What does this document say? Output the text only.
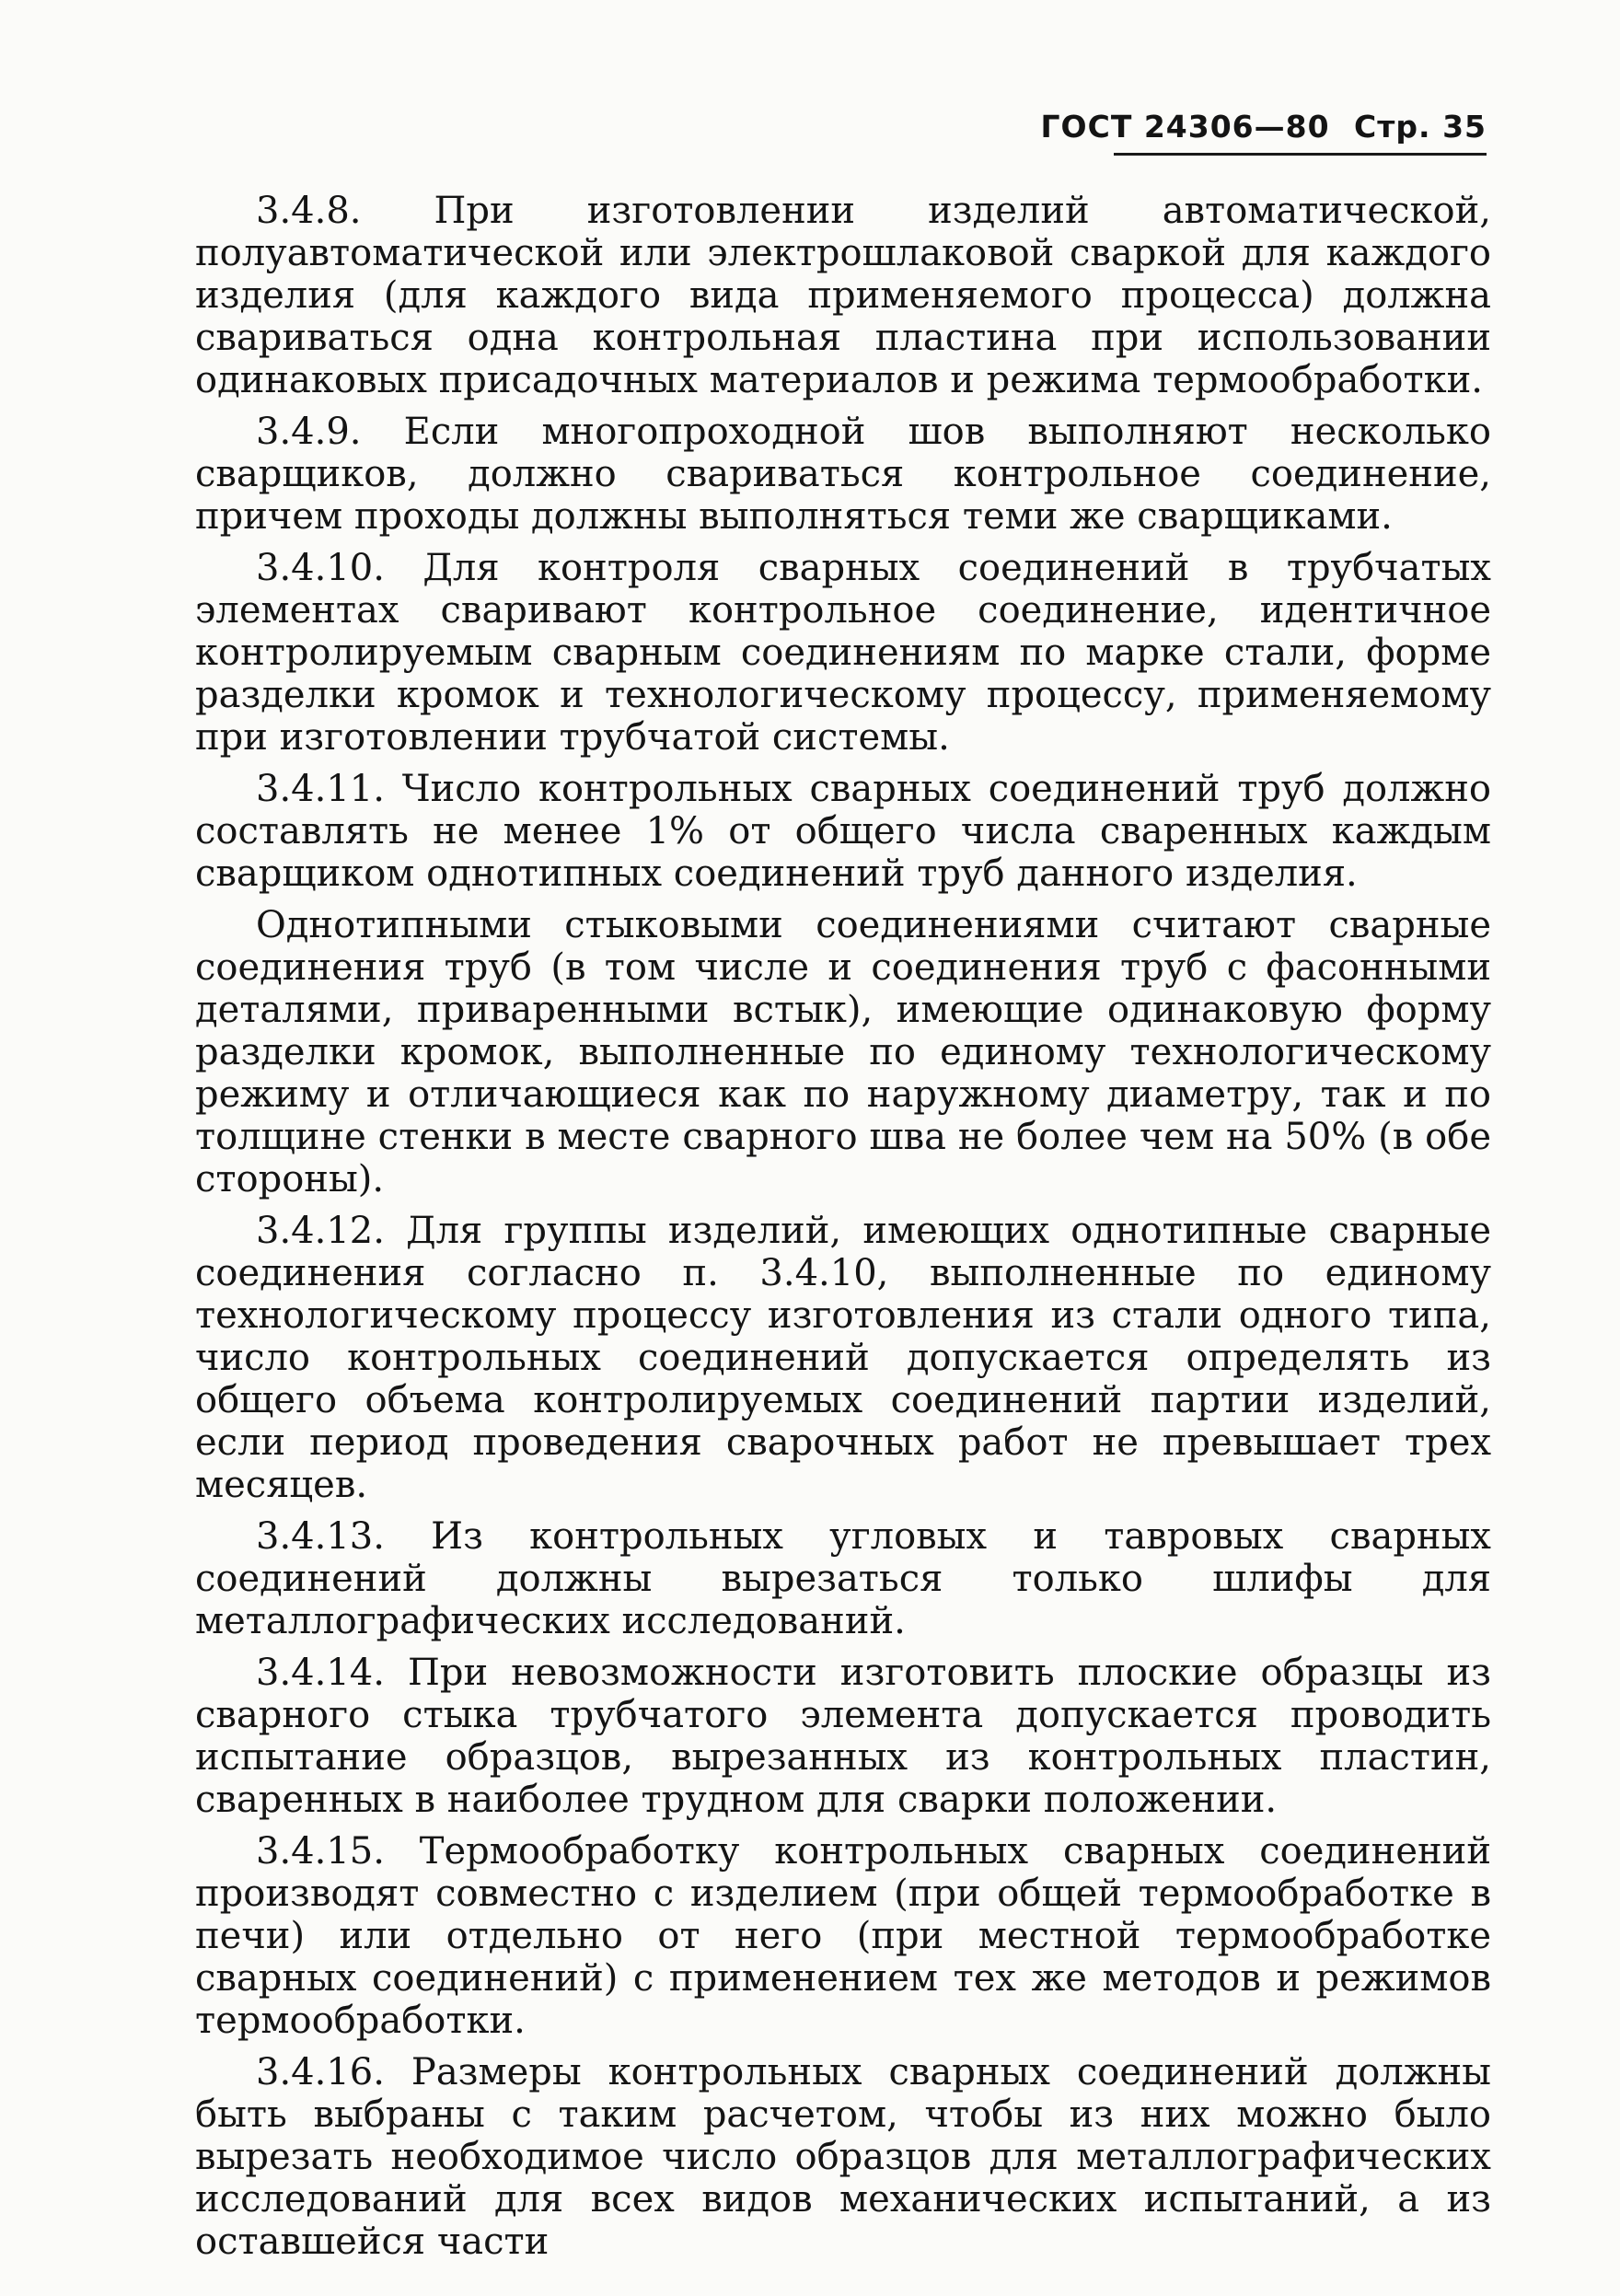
ГОСТ 24306—80 Стр. 35

3.4.8. При изготовлении изделий автоматической, полуавтоматической или электрошлаковой сваркой для каждого изделия (для каждого вида применяемого процесса) должна свариваться одна контрольная пластина при использовании одинаковых присадочных материалов и режима термообработки.

3.4.9. Если многопроходной шов выполняют несколько сварщиков, должно свариваться контрольное соединение, причем проходы должны выполняться теми же сварщиками.

3.4.10. Для контроля сварных соединений в трубчатых элементах сваривают контрольное соединение, идентичное контролируемым сварным соединениям по марке стали, форме разделки кромок и технологическому процессу, применяемому при изготовлении трубчатой системы.

3.4.11. Число контрольных сварных соединений труб должно составлять не менее 1% от общего числа сваренных каждым сварщиком однотипных соединений труб данного изделия.

Однотипными стыковыми соединениями считают сварные соединения труб (в том числе и соединения труб с фасонными деталями, приваренными встык), имеющие одинаковую форму разделки кромок, выполненные по единому технологическому режиму и отличающиеся как по наружному диаметру, так и по толщине стенки в месте сварного шва не более чем на 50% (в обе стороны).

3.4.12. Для группы изделий, имеющих однотипные сварные соединения согласно п. 3.4.10, выполненные по единому технологическому процессу изготовления из стали одного типа, число контрольных соединений допускается определять из общего объема контролируемых соединений партии изделий, если период проведения сварочных работ не превышает трех месяцев.

3.4.13. Из контрольных угловых и тавровых сварных соединений должны вырезаться только шлифы для металлографических исследований.

3.4.14. При невозможности изготовить плоские образцы из сварного стыка трубчатого элемента допускается проводить испытание образцов, вырезанных из контрольных пластин, сваренных в наиболее трудном для сварки положении.

3.4.15. Термообработку контрольных сварных соединений производят совместно с изделием (при общей термообработке в печи) или отдельно от него (при местной термообработке сварных соединений) с применением тех же методов и режимов термообработки.

3.4.16. Размеры контрольных сварных соединений должны быть выбраны с таким расчетом, чтобы из них можно было вырезать необходимое число образцов для металлографических исследований для всех видов механических испытаний, а из оставшейся части
